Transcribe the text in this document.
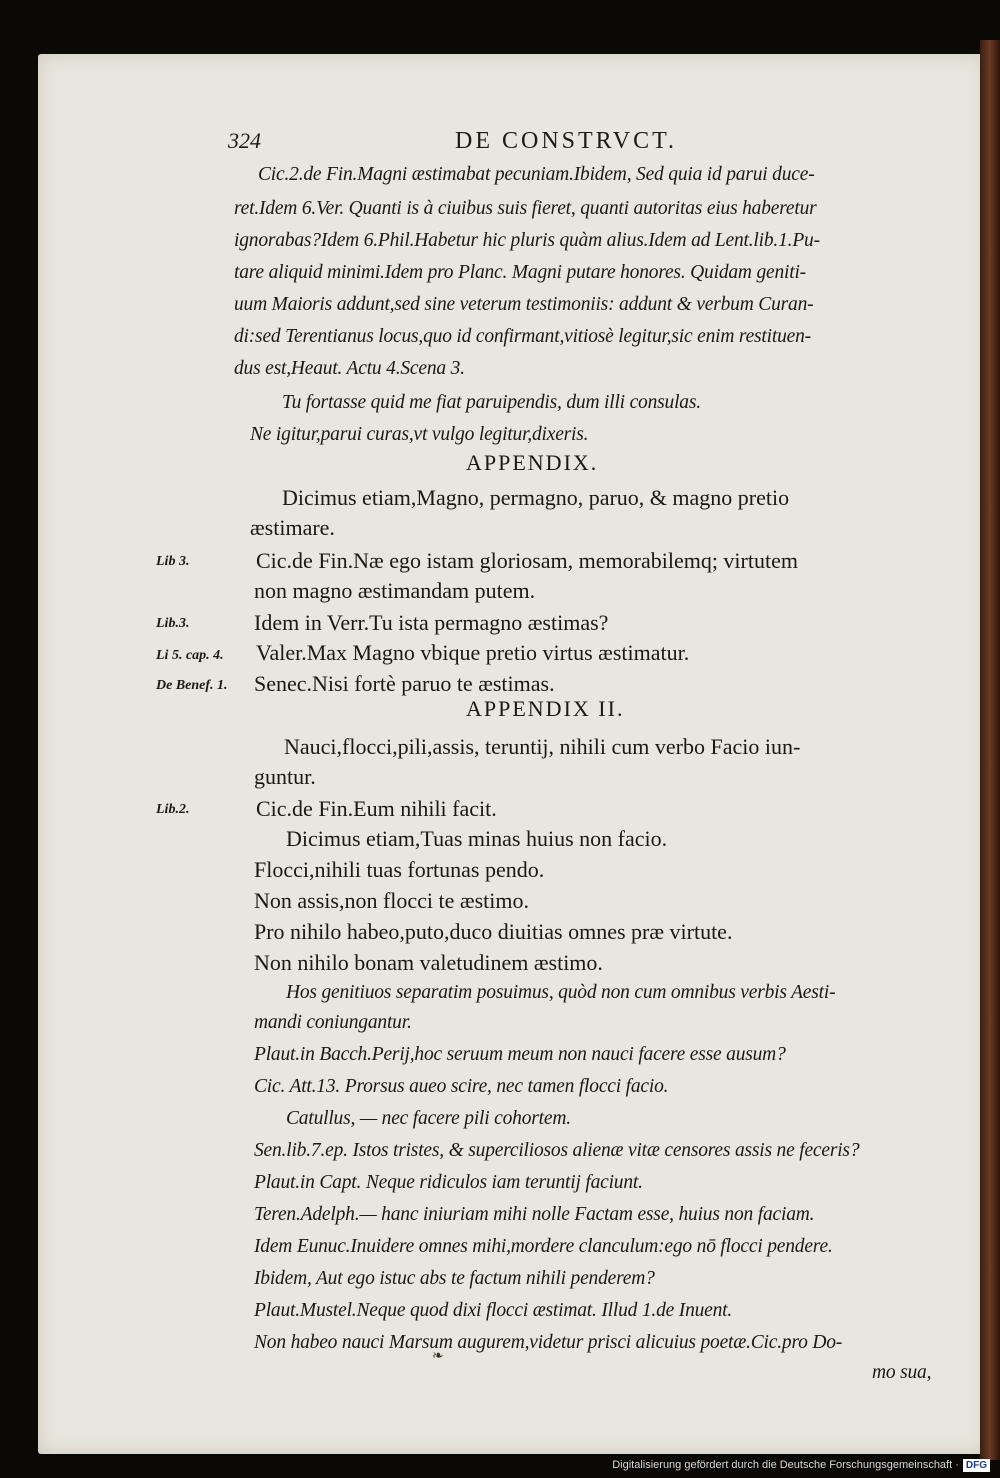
324	DE CONSTRVCT.
Cic.2.de Fin.Magni æstimabat pecuniam.Ibidem, Sed quia id parui duce-
ret.Idem 6.Ver. Quanti is à ciuibus suis fieret, quanti autoritas eius haberetur
ignorabas?Idem 6.Phil.Habetur hic pluris quàm alius.Idem ad Lent.lib.1.Pu-
tare aliquid minimi.Idem pro Planc. Magni putare honores. Quidam geniti-
uum Maioris addunt,sed sine veterum testimoniis: addunt & verbum Curan-
di:sed Terentianus locus,quo id confirmant,vitiosè legitur,sic enim restituen-
dus est,Heaut. Actu 4.Scena 3.
Tu fortasse quid me fiat paruipendis, dum illi consulas.
Ne igitur,parui curas,vt vulgo legitur,dixeris.
APPENDIX.
Dicimus etiam,Magno, permagno, paruo, & magno pretio
æstimare.
Cic.de Fin.Næ ego istam gloriosam, memorabilemq; virtutem
non magno æstimandam putem.
Idem in Verr.Tu ista permagno æstimas?
Valer.Max Magno vbique pretio virtus æstimatur.
Senec.Nisi fortè paruo te æstimas.
APPENDIX II.
Nauci,flocci,pili,assis, teruntij, nihili cum verbo Facio iun-
guntur.
Cic.de Fin.Eum nihili facit.
Dicimus etiam,Tuas minas huius non facio.
Flocci,nihili tuas fortunas pendo.
Non assis,non flocci te æstimo.
Pro nihilo habeo,puto,duco diuitias omnes præ virtute.
Non nihilo bonam valetudinem æstimo.
Hos genitiuos separatim posuimus, quòd non cum omnibus verbis Aesti-
mandi coniungantur.
Plaut.in Bacch.Perij,hoc seruum meum non nauci facere esse ausum?
Cic. Att.13. Prorsus aueo scire, nec tamen flocci facio.
Catullus, — nec facere pili cohortem.
Sen.lib.7.ep. Istos tristes, & superciliosos alienæ vitæ censores assis ne feceris?
Plaut.in Capt. Neque ridiculos iam teruntij faciunt.
Teren.Adelph.— hanc iniuriam mihi nolle Factam esse, huius non faciam.
Idem Eunuc.Inuidere omnes mihi,mordere clanculum:ego nō flocci pendere.
Ibidem, Aut ego istuc abs te factum nihili penderem?
Plaut.Mustel.Neque quod dixi flocci æstimat. Illud 1.de Inuent.
Non habeo nauci Marsum augurem,videtur prisci alicuius poetæ.Cic.pro Do-
mo sua,
Lib 3.
Lib.3.
Li 5. cap. 4.
De Benef. 1.
Lib.2.
❧
Digitalisierung gefördert durch die Deutsche Forschungsgemeinschaft · DFG
